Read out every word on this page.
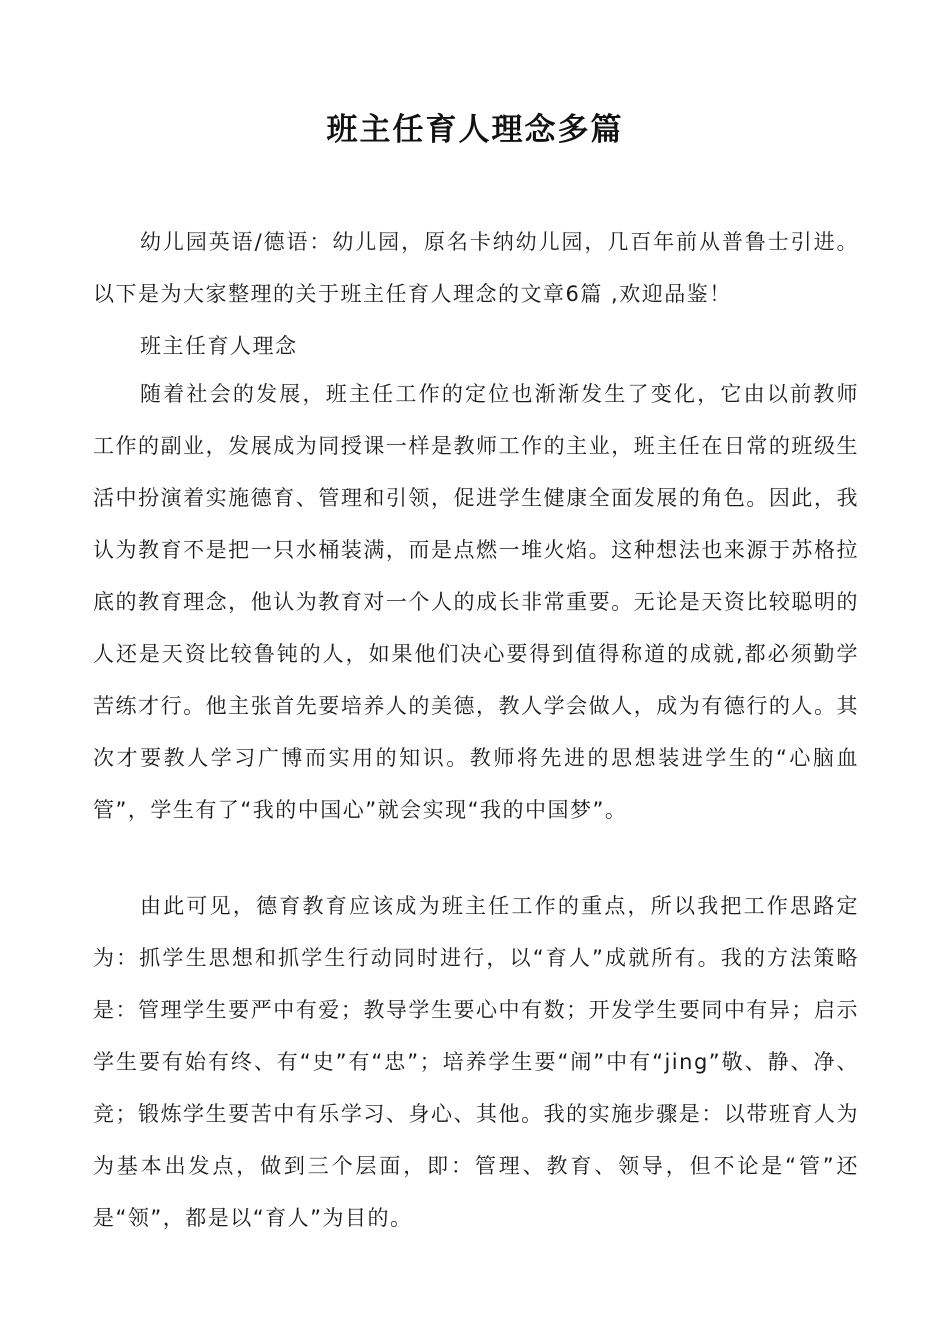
班主任育人理念多篇

幼儿园英语/德语：幼儿园，原名卡纳幼儿园，几百年前从普鲁士引进。 以下是为大家整理的关于班主任育人理念的文章6篇 ,欢迎品鉴！

班主任育人理念

随着社会的发展，班主任工作的定位也渐渐发生了变化，它由以前教师工作的副业，发展成为同授课一样是教师工作的主业，班主任在日常的班级生活中扮演着实施德育、管理和引领，促进学生健康全面发展的角色。因此，我认为教育不是把一只水桶装满，而是点燃一堆火焰。这种想法也来源于苏格拉底的教育理念，他认为教育对一个人的成长非常重要。无论是天资比较聪明的人还是天资比较鲁钝的人，如果他们决心要得到值得称道的成就,都必须勤学苦练才行。他主张首先要培养人的美德，教人学会做人，成为有德行的人。其次才要教人学习广博而实用的知识。教师将先进的思想装进学生的“心脑血管”，学生有了“我的中国心”就会实现“我的中国梦”。

由此可见，德育教育应该成为班主任工作的重点，所以我把工作思路定为：抓学生思想和抓学生行动同时进行，以“育人”成就所有。我的方法策略是：管理学生要严中有爱；教导学生要心中有数；开发学生要同中有异；启示学生要有始有终、有“史”有“忠”；培养学生要“闹”中有“jing”敬、静、净、竞；锻炼学生要苦中有乐学习、身心、其他。我的实施步骤是：以带班育人为为基本出发点，做到三个层面，即：管理、教育、领导，但不论是“管”还是“领”，都是以“育人”为目的。
